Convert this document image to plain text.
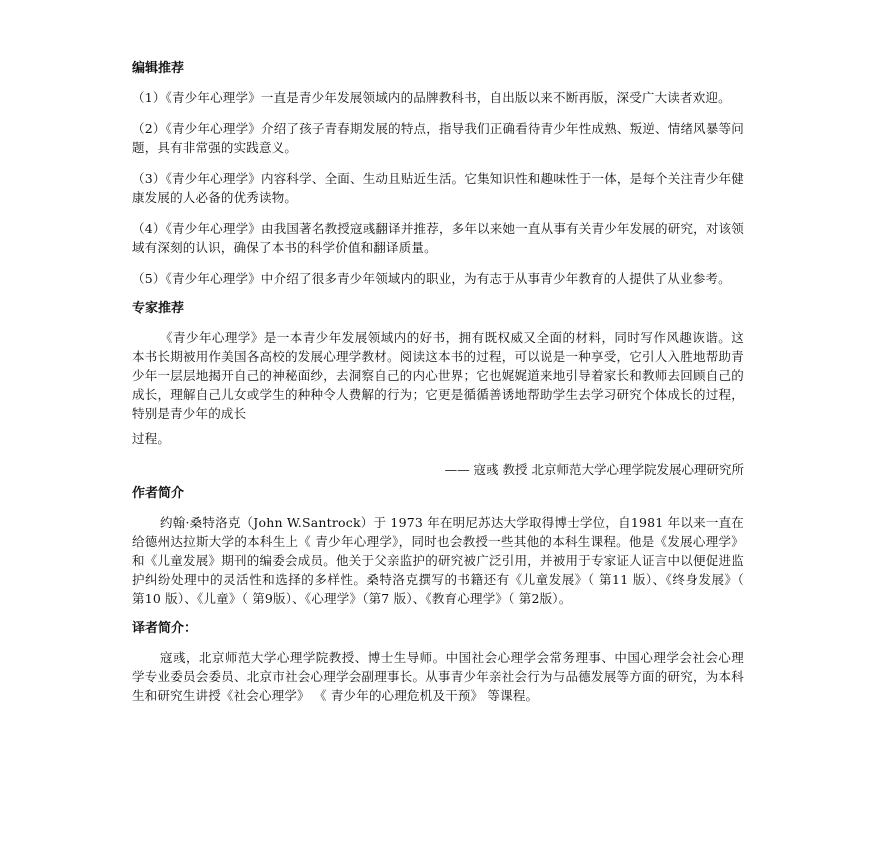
编辑推荐

（1）《青少年心理学》一直是青少年发展领域内的品牌教科书，自出版以来不断再版，深受广大读者欢迎。

（2）《青少年心理学》介绍了孩子青春期发展的特点，指导我们正确看待青少年性成熟、叛逆、情绪风暴等问题，具有非常强的实践意义。

（3）《青少年心理学》内容科学、全面、生动且贴近生活。它集知识性和趣味性于一体，是每个关注青少年健康发展的人必备的优秀读物。

（4）《青少年心理学》由我国著名教授寇彧翻译并推荐，多年以来她一直从事有关青少年发展的研究，对该领域有深刻的认识，确保了本书的科学价值和翻译质量。

（5）《青少年心理学》中介绍了很多青少年领域内的职业，为有志于从事青少年教育的人提供了从业参考。

专家推荐

《青少年心理学》是一本青少年发展领域内的好书，拥有既权威又全面的材料，同时写作风趣诙谐。这本书长期被用作美国各高校的发展心理学教材。阅读这本书的过程，可以说是一种享受，它引人入胜地帮助青少年一层层地揭开自己的神秘面纱，去洞察自己的内心世界；它也娓娓道来地引导着家长和教师去回顾自己的成长，理解自己儿女或学生的种种令人费解的行为；它更是循循善诱地帮助学生去学习研究个体成长的过程，特别是青少年的成长

过程。

—— 寇彧 教授 北京师范大学心理学院发展心理研究所

作者简介

约翰·桑特洛克（John W.Santrock）于 1973 年在明尼苏达大学取得博士学位，自1981 年以来一直在给德州达拉斯大学的本科生上《 青少年心理学》，同时也会教授一些其他的本科生课程。他是《发展心理学》和《儿童发展》期刊的编委会成员。他关于父亲监护的研究被广泛引用，并被用于专家证人证言中以便促进监护纠纷处理中的灵活性和选择的多样性。桑特洛克撰写的书籍还有《儿童发展》（ 第11 版）、《终身发展》（ 第10 版）、《儿童》（ 第9版）、《心理学》（第7 版）、《教育心理学》（ 第2版）。

译者简介：

寇彧，北京师范大学心理学院教授、博士生导师。中国社会心理学会常务理事、中国心理学会社会心理学专业委员会委员、北京市社会心理学会副理事长。从事青少年亲社会行为与品德发展等方面的研究，为本科生和研究生讲授《社会心理学》 《 青少年的心理危机及干预》 等课程。
